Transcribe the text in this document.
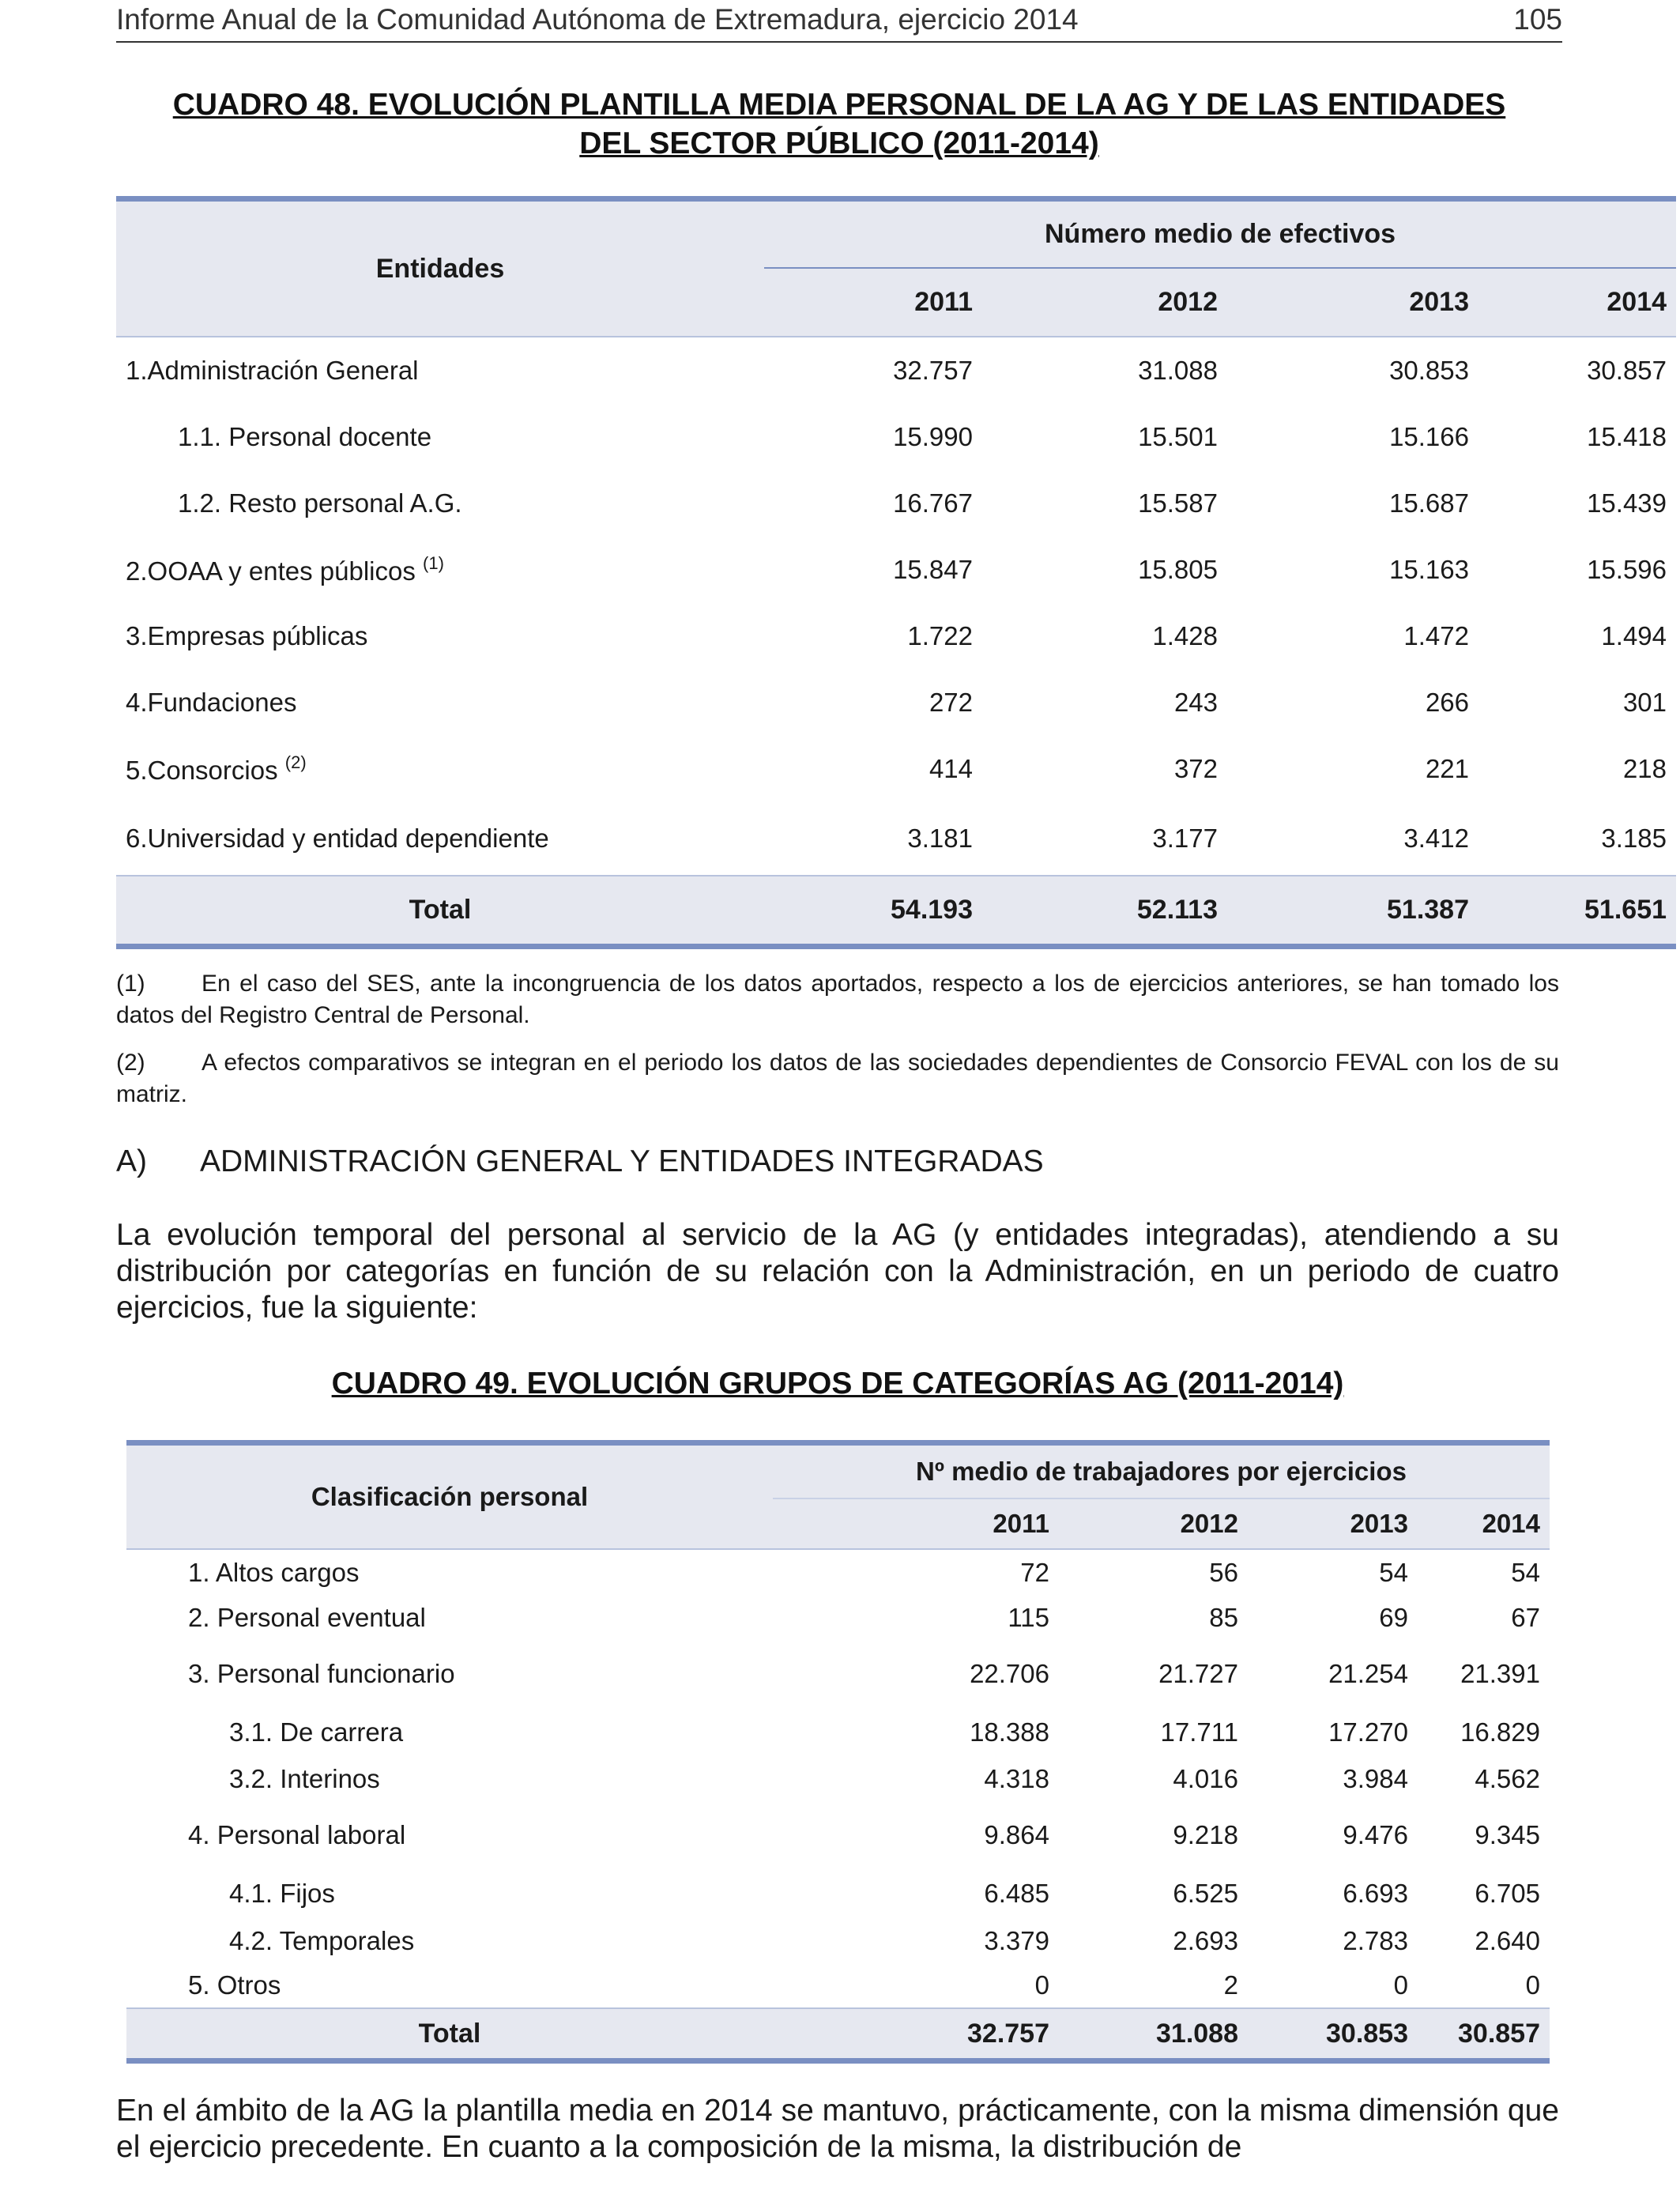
Informe Anual de la Comunidad Autónoma de Extremadura, ejercicio 2014	105
CUADRO 48. EVOLUCIÓN PLANTILLA MEDIA PERSONAL DE LA AG Y DE LAS ENTIDADES
DEL SECTOR PÚBLICO (2011-2014)
Entidades	Número medio de efectivos			
	2011	2012	2013	2014
1.Administración General	32.757	31.088	30.853	30.857
1.1. Personal docente	15.990	15.501	15.166	15.418
1.2. Resto personal A.G.	16.767	15.587	15.687	15.439
2.OOAA y entes públicos $^{(1)}$	15.847	15.805	15.163	15.596
3.Empresas públicas	1.722	1.428	1.472	1.494
4.Fundaciones	272	243	266	301
5.Consorcios $^{(2)}$	414	372	221	218
6.Universidad y entidad dependiente	3.181	3.177	3.412	3.185
Total	54.193	52.113	51.387	51.651
(1) En el caso del SES, ante la incongruencia de los datos aportados, respecto a los de ejercicios anteriores, se han tomado los datos del Registro Central de Personal.
(2) A efectos comparativos se integran en el periodo los datos de las sociedades dependientes de Consorcio FEVAL con los de su matriz.
A) ADMINISTRACIÓN GENERAL Y ENTIDADES INTEGRADAS
La evolución temporal del personal al servicio de la AG (y entidades integradas), atendiendo a su distribución por categorías en función de su relación con la Administración, en un periodo de cuatro ejercicios, fue la siguiente:
CUADRO 49. EVOLUCIÓN GRUPOS DE CATEGORÍAS AG (2011-2014)
Clasificación personal	Nº medio de trabajadores por ejercicios			
	2011	2012	2013	2014
1. Altos cargos	72	56	54	54
2. Personal eventual	115	85	69	67
3. Personal funcionario	22.706	21.727	21.254	21.391
3.1. De carrera	18.388	17.711	17.270	16.829
3.2. Interinos	4.318	4.016	3.984	4.562
4. Personal laboral	9.864	9.218	9.476	9.345
4.1. Fijos	6.485	6.525	6.693	6.705
4.2. Temporales	3.379	2.693	2.783	2.640
5. Otros	0	2	0	0
Total	32.757	31.088	30.853	30.857
En el ámbito de la AG la plantilla media en 2014 se mantuvo, prácticamente, con la misma dimensión que el ejercicio precedente. En cuanto a la composición de la misma, la distribución de
